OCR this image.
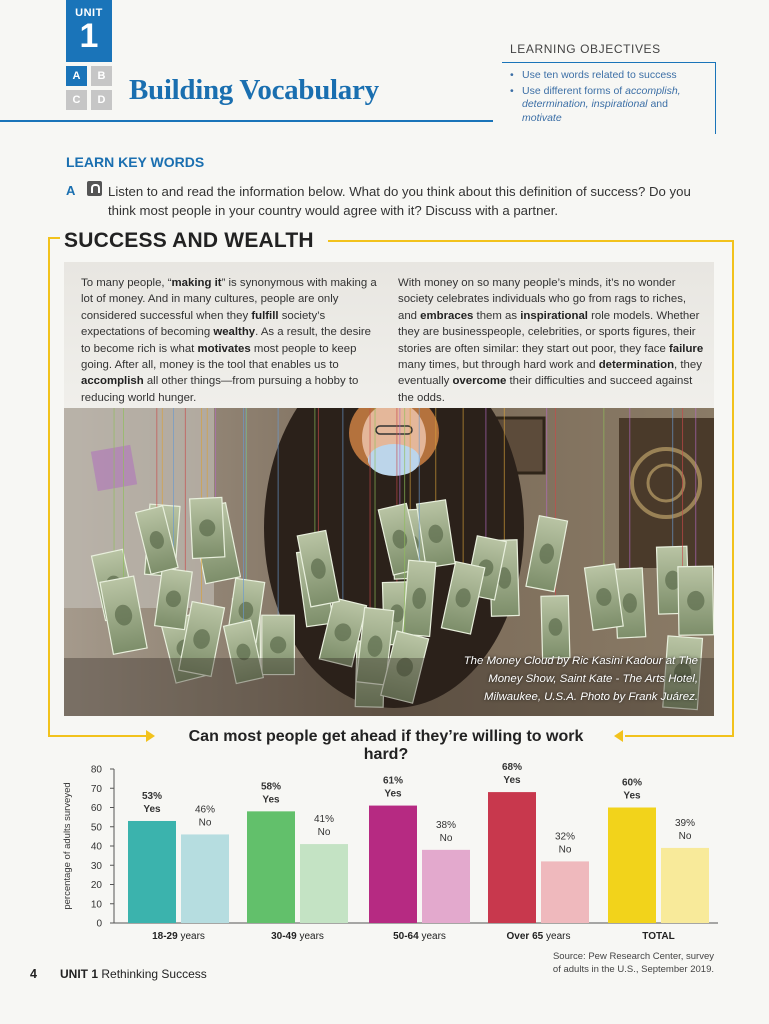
UNIT
1
A	B
C	D Building Vocabulary
LEARNING OBJECTIVES
• Use ten words related to success
• Use different forms of accomplish, determination, inspirational and motivate
LEARN KEY WORDS
A Listen to and read the information below. What do you think about this definition of success? Do you think most people in your country would agree with it? Discuss with a partner.
SUCCESS AND WEALTH
To many people, “making it” is synonymous with making a lot of money. And in many cultures, people are only considered successful when they fulfill society’s expectations of becoming wealthy. As a result, the desire to become rich is what motivates most people to keep going. After all, money is the tool that enables us to accomplish all other things—from pursuing a hobby to reducing world hunger.
With money on so many people’s minds, it’s no wonder society celebrates individuals who go from rags to riches, and embraces them as inspirational role models. Whether they are businesspeople, celebrities, or sports figures, their stories are often similar: they start out poor, they face failure many times, but through hard work and determination, they eventually overcome their difficulties and succeed against the odds.
The Money Cloud by Ric Kasini Kadour at The Money Show, Saint Kate - The Arts Hotel, Milwaukee, U.S.A. Photo by Frank Juárez.
Can most people get ahead if they’re willing to work hard?
0
10
20
30
40
50
60
70
80
percentage of adults surveyed	53%
Yes	46%
No
18-29 years
58%
Yes
41%
No
30-49 years
61%
Yes
38%
No
50-64 years
68%
Yes
32%
No
Over 65 years
60%
Yes
39%
No
TOTAL
Source: Pew Research Center, survey
of adults in the U.S., September 2019.
4 UNIT 1 Rethinking Success
